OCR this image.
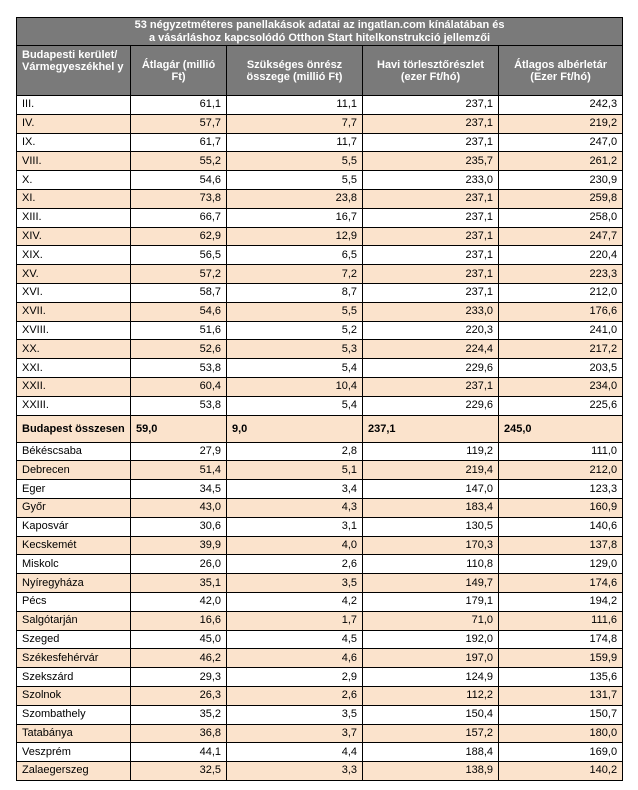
53 négyzetméteres panellakások adatai az ingatlan.com kínálatában és
a vásárláshoz kapcsolódó Otthon Start hitelkonstrukció jellemzői				
Budapesti kerület/ Vármegyeszékhel y	Átlagár (millió Ft)	Szükséges önrész összege (millió Ft)	Havi törlesztőrészlet (ezer Ft/hó)	Átlagos albérletár (Ezer Ft/hó)
III.	61,1	11,1	237,1	242,3
IV.	57,7	7,7	237,1	219,2
IX.	61,7	11,7	237,1	247,0
VIII.	55,2	5,5	235,7	261,2
X.	54,6	5,5	233,0	230,9
XI.	73,8	23,8	237,1	259,8
XIII.	66,7	16,7	237,1	258,0
XIV.	62,9	12,9	237,1	247,7
XIX.	56,5	6,5	237,1	220,4
XV.	57,2	7,2	237,1	223,3
XVI.	58,7	8,7	237,1	212,0
XVII.	54,6	5,5	233,0	176,6
XVIII.	51,6	5,2	220,3	241,0
XX.	52,6	5,3	224,4	217,2
XXI.	53,8	5,4	229,6	203,5
XXII.	60,4	10,4	237,1	234,0
XXIII.	53,8	5,4	229,6	225,6
Budapest összesen	59,0	9,0	237,1	245,0
Békéscsaba	27,9	2,8	119,2	111,0
Debrecen	51,4	5,1	219,4	212,0
Eger	34,5	3,4	147,0	123,3
Győr	43,0	4,3	183,4	160,9
Kaposvár	30,6	3,1	130,5	140,6
Kecskemét	39,9	4,0	170,3	137,8
Miskolc	26,0	2,6	110,8	129,0
Nyíregyháza	35,1	3,5	149,7	174,6
Pécs	42,0	4,2	179,1	194,2
Salgótarján	16,6	1,7	71,0	111,6
Szeged	45,0	4,5	192,0	174,8
Székesfehérvár	46,2	4,6	197,0	159,9
Szekszárd	29,3	2,9	124,9	135,6
Szolnok	26,3	2,6	112,2	131,7
Szombathely	35,2	3,5	150,4	150,7
Tatabánya	36,8	3,7	157,2	180,0
Veszprém	44,1	4,4	188,4	169,0
Zalaegerszeg	32,5	3,3	138,9	140,2
